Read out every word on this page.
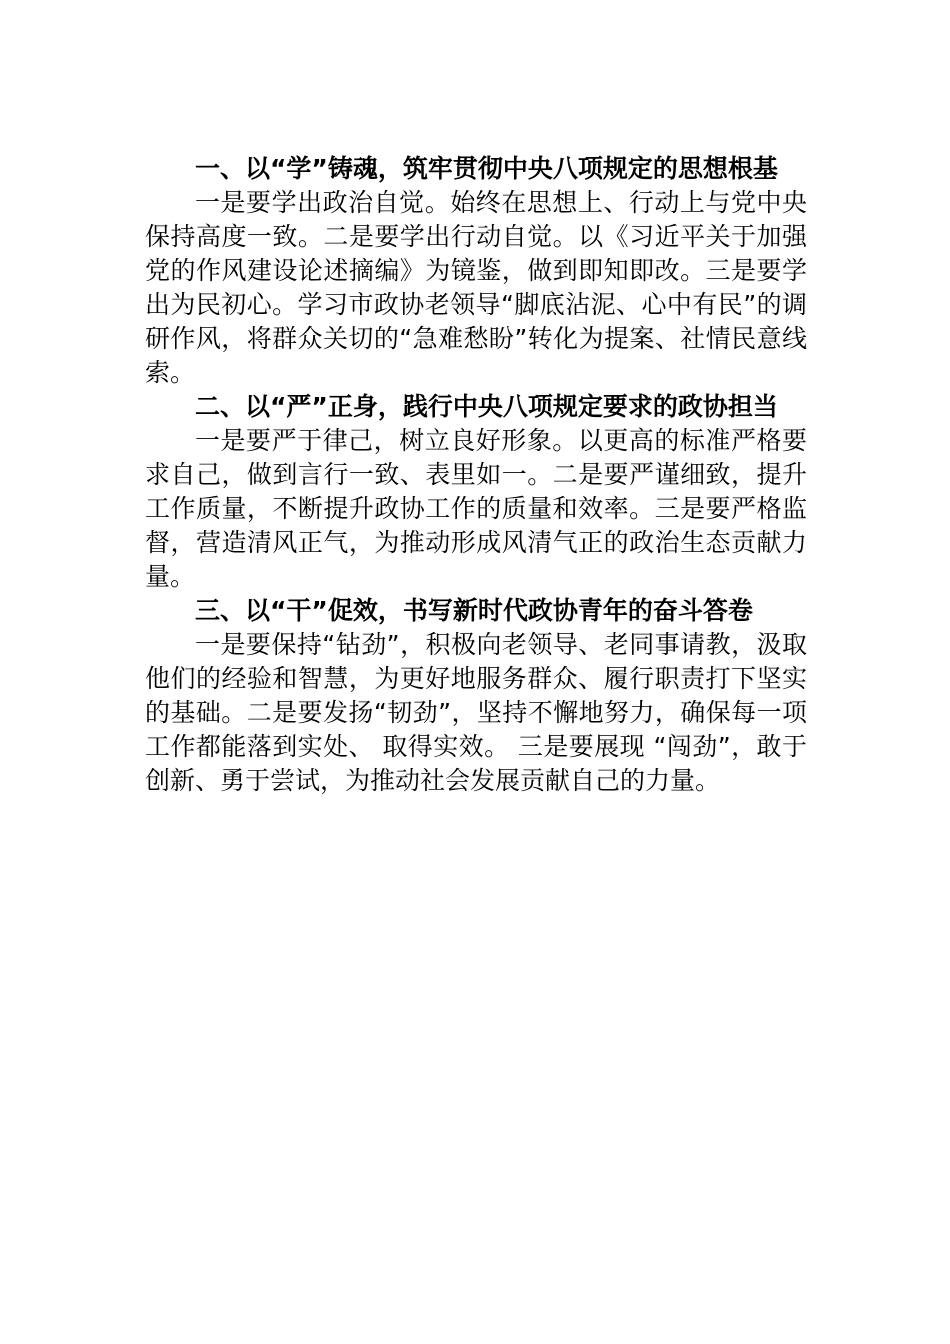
一、以“学”铸魂，筑牢贯彻中央八项规定的思想根基

一是要学出政治自觉。始终在思想上、行动上与党中央保持高度一致。二是要学出行动自觉。以《习近平关于加强党的作风建设论述摘编》为镜鉴，做到即知即改。三是要学出为民初心。学习市政协老领导“脚底沾泥、心中有民”的调研作风，将群众关切的“急难愁盼”转化为提案、社情民意线索。

二、以“严”正身，践行中央八项规定要求的政协担当

一是要严于律己，树立良好形象。以更高的标准严格要求自己，做到言行一致、表里如一。二是要严谨细致，提升工作质量，不断提升政协工作的质量和效率。三是要严格监督，营造清风正气，为推动形成风清气正的政治生态贡献力量。

三、以“干”促效，书写新时代政协青年的奋斗答卷

一是要保持“钻劲”，积极向老领导、老同事请教，汲取他们的经验和智慧，为更好地服务群众、履行职责打下坚实的基础。二是要发扬“韧劲”，坚持不懈地努力，确保每一项工作都能落到实处、 取得实效。 三是要展现 “闯劲”，敢于创新、勇于尝试，为推动社会发展贡献自己的力量。
